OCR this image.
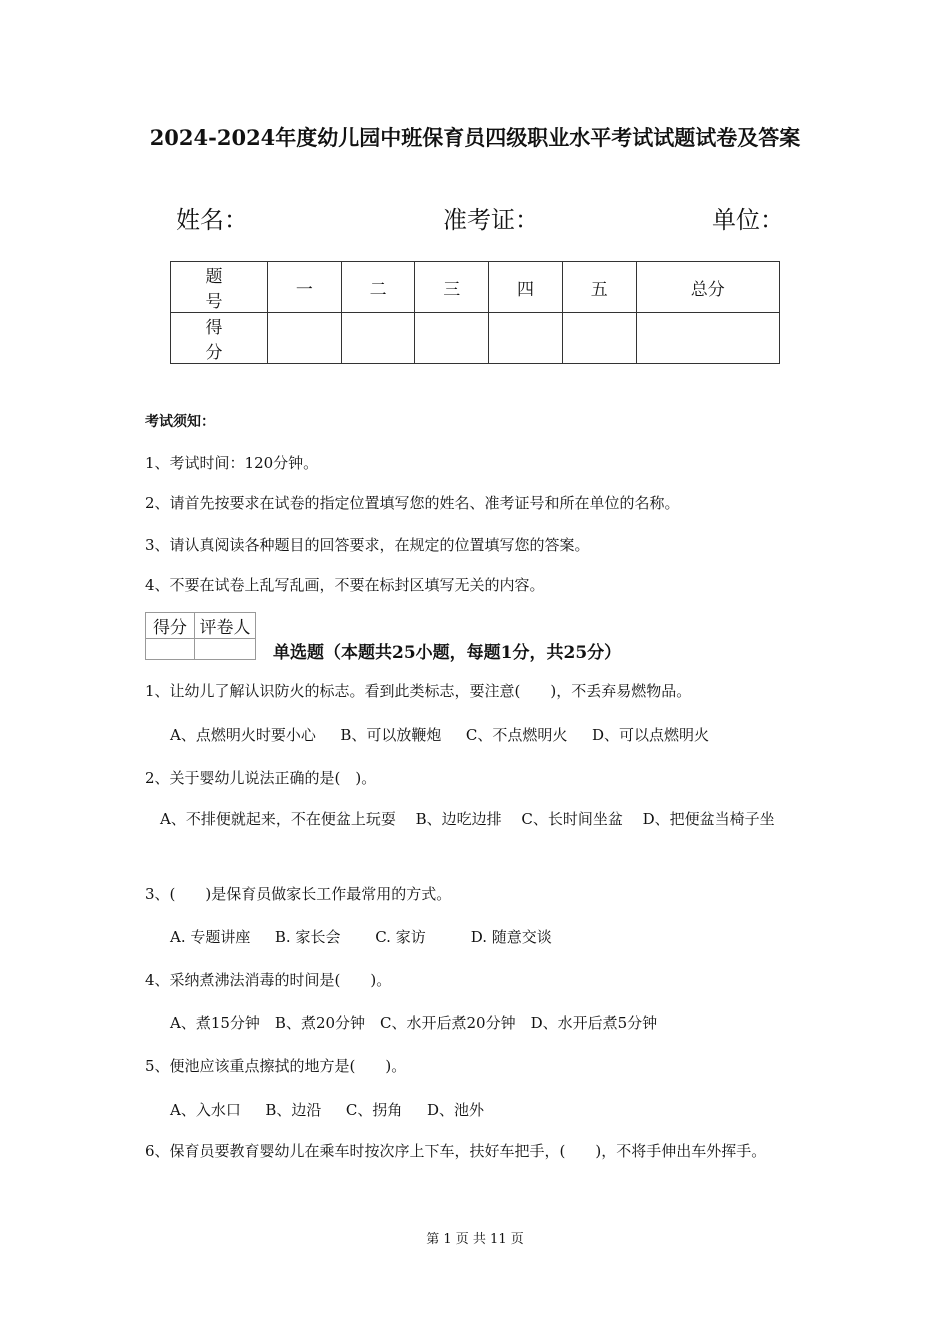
2024-2024年度幼儿园中班保育员四级职业水平考试试题试卷及答案
姓名：	准考证：	单位：
题　号	一	二	三	四	五	总分
得　分						
考试须知：
1、考试时间：120分钟。
2、请首先按要求在试卷的指定位置填写您的姓名、准考证号和所在单位的名称。
3、请认真阅读各种题目的回答要求，在规定的位置填写您的答案。
4、不要在试卷上乱写乱画，不要在标封区填写无关的内容。
得分	评卷人

单选题（本题共25小题，每题1分，共25分）
1、让幼儿了解认识防火的标志。看到此类标志，要注意(　　)，不丢弃易燃物品。
A、点燃明火时要小心　  B、可以放鞭炮　  C、不点燃明火　  D、可以点燃明火
2、关于婴幼儿说法正确的是(　)。
　A、不排便就起来，不在便盆上玩耍　 B、边吃边排　 C、长时间坐盆　 D、把便盆当椅子坐
3、(　　)是保育员做家长工作最常用的方式。
A. 专题讲座　  B. 家长会　　 C. 家访　　　D. 随意交谈
4、采纳煮沸法消毒的时间是(　　)。
A、煮15分钟　B、煮20分钟　C、水开后煮20分钟　D、水开后煮5分钟
5、便池应该重点擦拭的地方是(　　)。
A、入水口　  B、边沿　  C、拐角　  D、池外
6、保育员要教育婴幼儿在乘车时按次序上下车，扶好车把手，(　　)，不将手伸出车外挥手。
第 1 页 共 11 页
